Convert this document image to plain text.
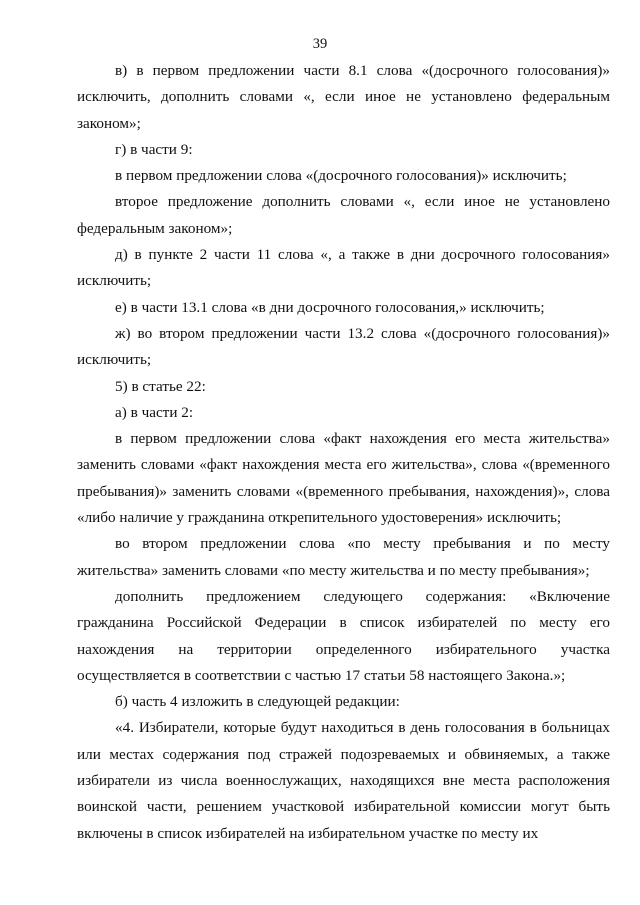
39

в) в первом предложении части 8.1 слова «(досрочного голосования)» исключить, дополнить словами «, если иное не установлено федеральным законом»;

г) в части 9:

в первом предложении слова «(досрочного голосования)» исключить;

второе предложение дополнить словами «, если иное не установлено федеральным законом»;

д) в пункте 2 части 11 слова «, а также в дни досрочного голосования» исключить;

е) в части 13.1 слова «в дни досрочного голосования,» исключить;

ж) во втором предложении части 13.2 слова «(досрочного голосования)» исключить;

5) в статье 22:

а) в части 2:

в первом предложении слова «факт нахождения его места жительства» заменить словами «факт нахождения места его жительства», слова «(временного пребывания)» заменить словами «(временного пребывания, нахождения)», слова «либо наличие у гражданина открепительного удостоверения» исключить;

во втором предложении слова «по месту пребывания и по месту жительства» заменить словами «по месту жительства и по месту пребывания»;

дополнить предложением следующего содержания: «Включение гражданина Российской Федерации в список избирателей по месту его нахождения на территории определенного избирательного участка осуществляется в соответствии с частью 17 статьи 58 настоящего Закона.»;

б) часть 4 изложить в следующей редакции:

«4. Избиратели, которые будут находиться в день голосования в больницах или местах содержания под стражей подозреваемых и обвиняемых, а также избиратели из числа военнослужащих, находящихся вне места расположения воинской части, решением участковой избирательной комиссии могут быть включены в список избирателей на избирательном участке по месту их
